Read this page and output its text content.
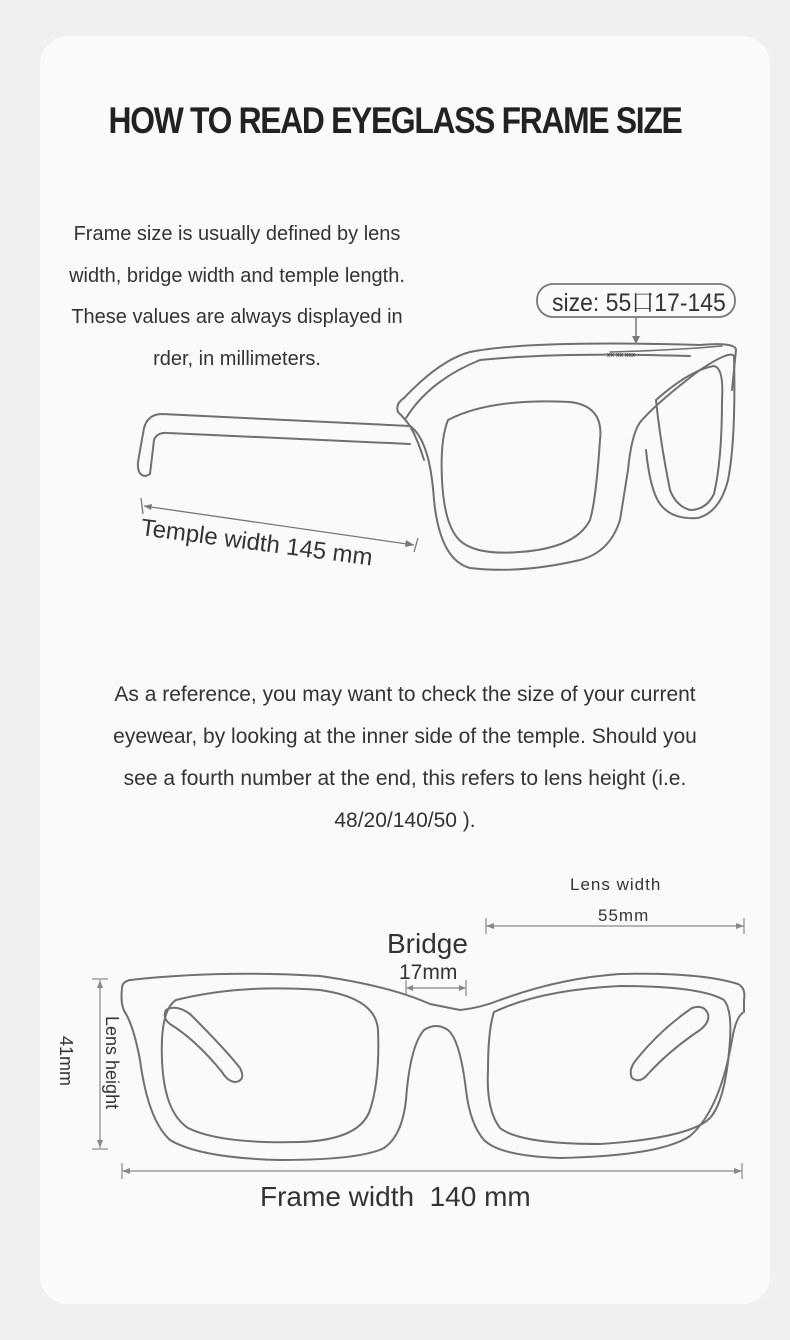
HOW TO READ EYEGLASS FRAME SIZE
Frame size is usually defined by lens
width, bridge width and temple length.
These values are always displayed in
rder, in millimeters.
size: 55口17-145
xx xx xxx
Temple width 145 mm
As a reference, you may want to check the size of your current
eyewear, by looking at the inner side of the temple. Should you
see a fourth number at the end, this refers to lens height (i.e.
48/20/140/50 ).
Lens width
55mm
Bridge
17mm
Lens height
41mm
Frame width  140 mm
